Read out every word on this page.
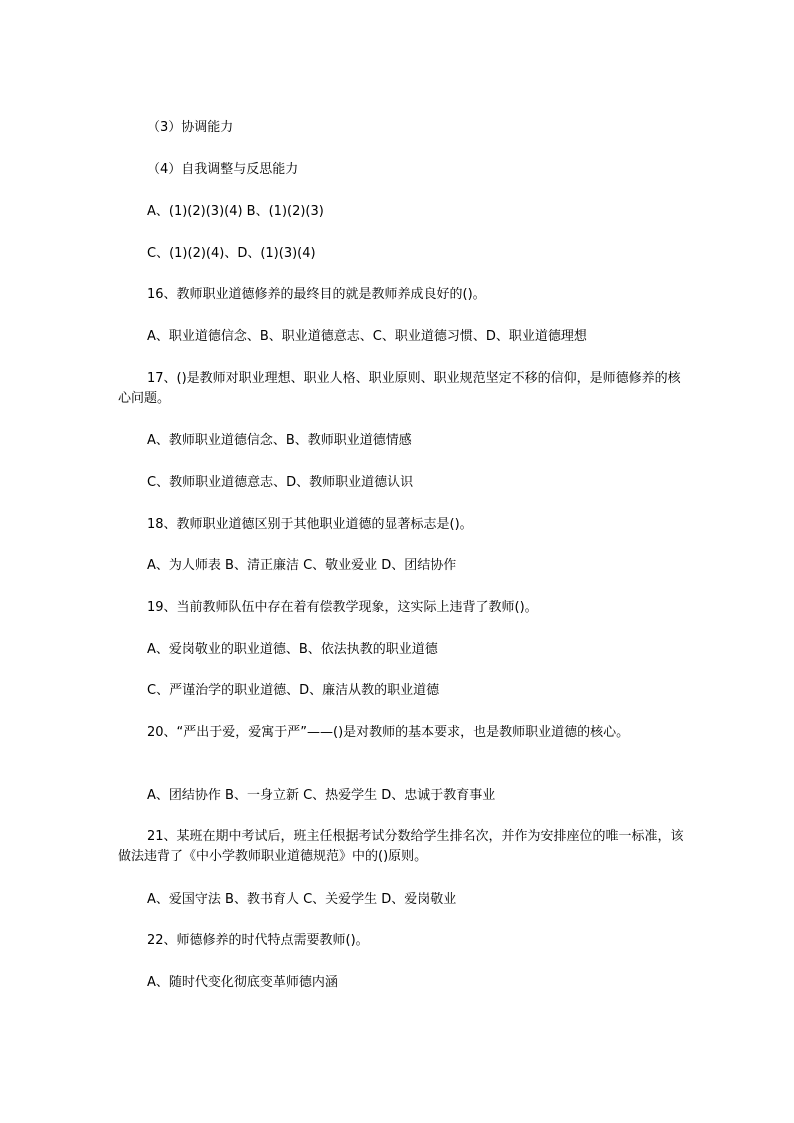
（3）协调能力

（4）自我调整与反思能力

A、(1)(2)(3)(4) B、(1)(2)(3)

C、(1)(2)(4)、D、(1)(3)(4)

16、教师职业道德修养的最终目的就是教师养成良好的()。

A、职业道德信念、B、职业道德意志、C、职业道德习惯、D、职业道德理想

17、()是教师对职业理想、职业人格、职业原则、职业规范坚定不移的信仰，是师德修养的核心问题。

A、教师职业道德信念、B、教师职业道德情感

C、教师职业道德意志、D、教师职业道德认识

18、教师职业道德区别于其他职业道德的显著标志是()。

A、为人师表 B、清正廉洁 C、敬业爱业 D、团结协作

19、当前教师队伍中存在着有偿教学现象，这实际上违背了教师()。

A、爱岗敬业的职业道德、B、依法执教的职业道德

C、严谨治学的职业道德、D、廉洁从教的职业道德

20、“严出于爱，爱寓于严”——()是对教师的基本要求，也是教师职业道德的核心。

A、团结协作 B、一身立新 C、热爱学生 D、忠诚于教育事业

21、某班在期中考试后，班主任根据考试分数给学生排名次，并作为安排座位的唯一标准，该做法违背了《中小学教师职业道德规范》中的()原则。

A、爱国守法 B、教书育人 C、关爱学生 D、爱岗敬业

22、师德修养的时代特点需要教师()。

A、随时代变化彻底变革师德内涵
